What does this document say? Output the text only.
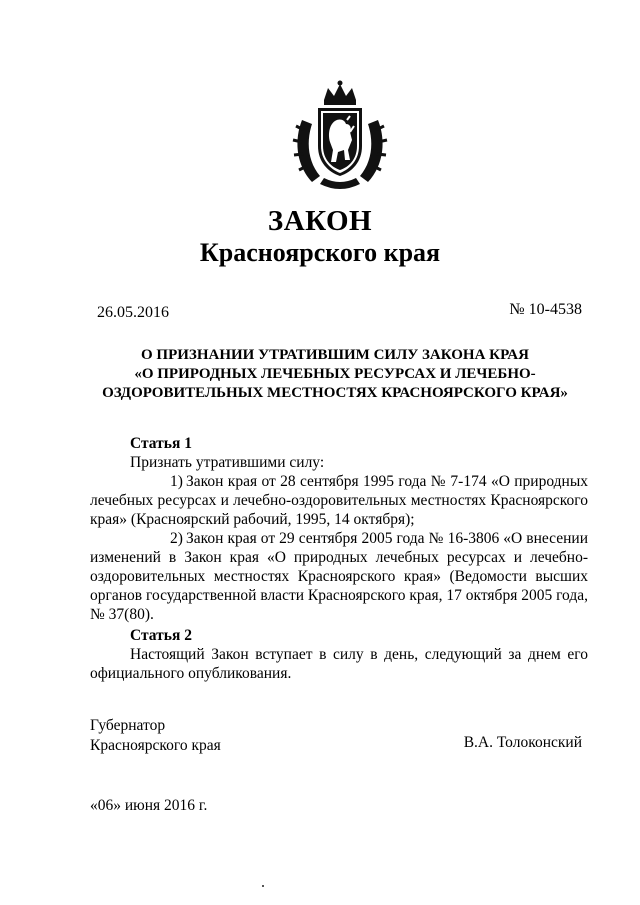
ЗАКОН
Красноярского края
26.05.2016	№ 10-4538
О ПРИЗНАНИИ УТРАТИВШИМ СИЛУ ЗАКОНА КРАЯ
«О ПРИРОДНЫХ ЛЕЧЕБНЫХ РЕСУРСАХ И ЛЕЧЕБНО-
ОЗДОРОВИТЕЛЬНЫХ МЕСТНОСТЯХ КРАСНОЯРСКОГО КРАЯ»
Статья 1
Признать утратившими силу:
1) Закон края от 28 сентября 1995 года № 7-174 «О природных лечебных ресурсах и лечебно-оздоровительных местностях Красноярского края» (Красноярский рабочий, 1995, 14 октября);
2) Закон края от 29 сентября 2005 года № 16-3806 «О внесении изменений в Закон края «О природных лечебных ресурсах и лечебно-оздоровительных местностях Красноярского края» (Ведомости высших органов государственной власти Красноярского края, 17 октября 2005 года, № 37(80).
Статья 2
Настоящий Закон вступает в силу в день, следующий за днем его официального опубликования.
Губернатор
Красноярского края	В.А. Толоконский
«06» июня 2016 г.
